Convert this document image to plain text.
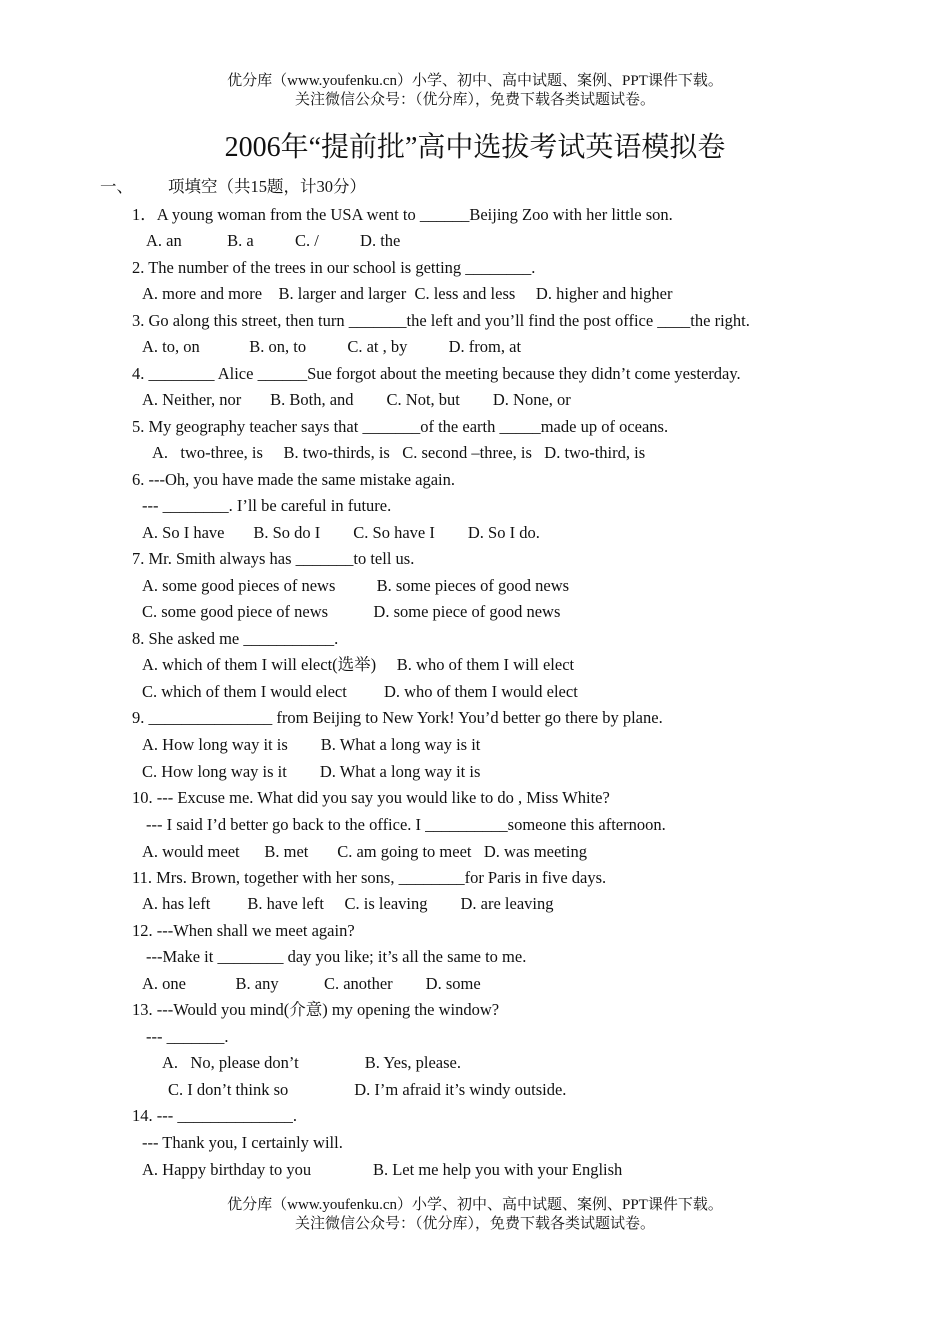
优分库（www.youfenku.cn）小学、初中、高中试题、案例、PPT课件下载。
关注微信公众号：（优分库），免费下载各类试题试卷。
2006年“提前批”高中选拔考试英语模拟卷
一、 项填空（共15题，计30分）
1．A young woman from the USA went to ______Beijing Zoo with her little son.
A. an           B. a          C. /          D. the
2. The number of the trees in our school is getting ________.
A. more and more    B. larger and larger  C. less and less     D. higher and higher
3. Go along this street, then turn _______the left and you’ll find the post office ____the right.
A. to, on            B. on, to          C. at , by          D. from, at
4. ________ Alice ______Sue forgot about the meeting because they didn’t come yesterday.
A. Neither, nor       B. Both, and        C. Not, but        D. None, or
5. My geography teacher says that _______of the earth _____made up of oceans.
A.   two-three, is     B. two-thirds, is   C. second –three, is   D. two-third, is
6. ---Oh, you have made the same mistake again.
--- ________. I’ll be careful in future.
A. So I have       B. So do I        C. So have I        D. So I do.
7. Mr. Smith always has _______to tell us.
A. some good pieces of news          B. some pieces of good news
C. some good piece of news           D. some piece of good news
8. She asked me ___________.
A. which of them I will elect(选举)     B. who of them I will elect
C. which of them I would elect         D. who of them I would elect
9. _______________ from Beijing to New York! You’d better go there by plane.
A. How long way it is        B. What a long way is it
C. How long way is it        D. What a long way it is
10. --- Excuse me. What did you say you would like to do , Miss White?
--- I said I’d better go back to the office. I __________someone this afternoon.
A. would meet      B. met       C. am going to meet   D. was meeting
11. Mrs. Brown, together with her sons, ________for Paris in five days.
A. has left         B. have left     C. is leaving        D. are leaving
12. ---When shall we meet again?
---Make it ________ day you like; it’s all the same to me.
A. one            B. any           C. another        D. some
13. ---Would you mind(介意) my opening the window?
--- _______.
A.   No, please don’t                B. Yes, please.
C. I don’t think so                D. I’m afraid it’s windy outside.
14. --- ______________.
--- Thank you, I certainly will.
A. Happy birthday to you               B. Let me help you with your English
优分库（www.youfenku.cn）小学、初中、高中试题、案例、PPT课件下载。
关注微信公众号：（优分库），免费下载各类试题试卷。
